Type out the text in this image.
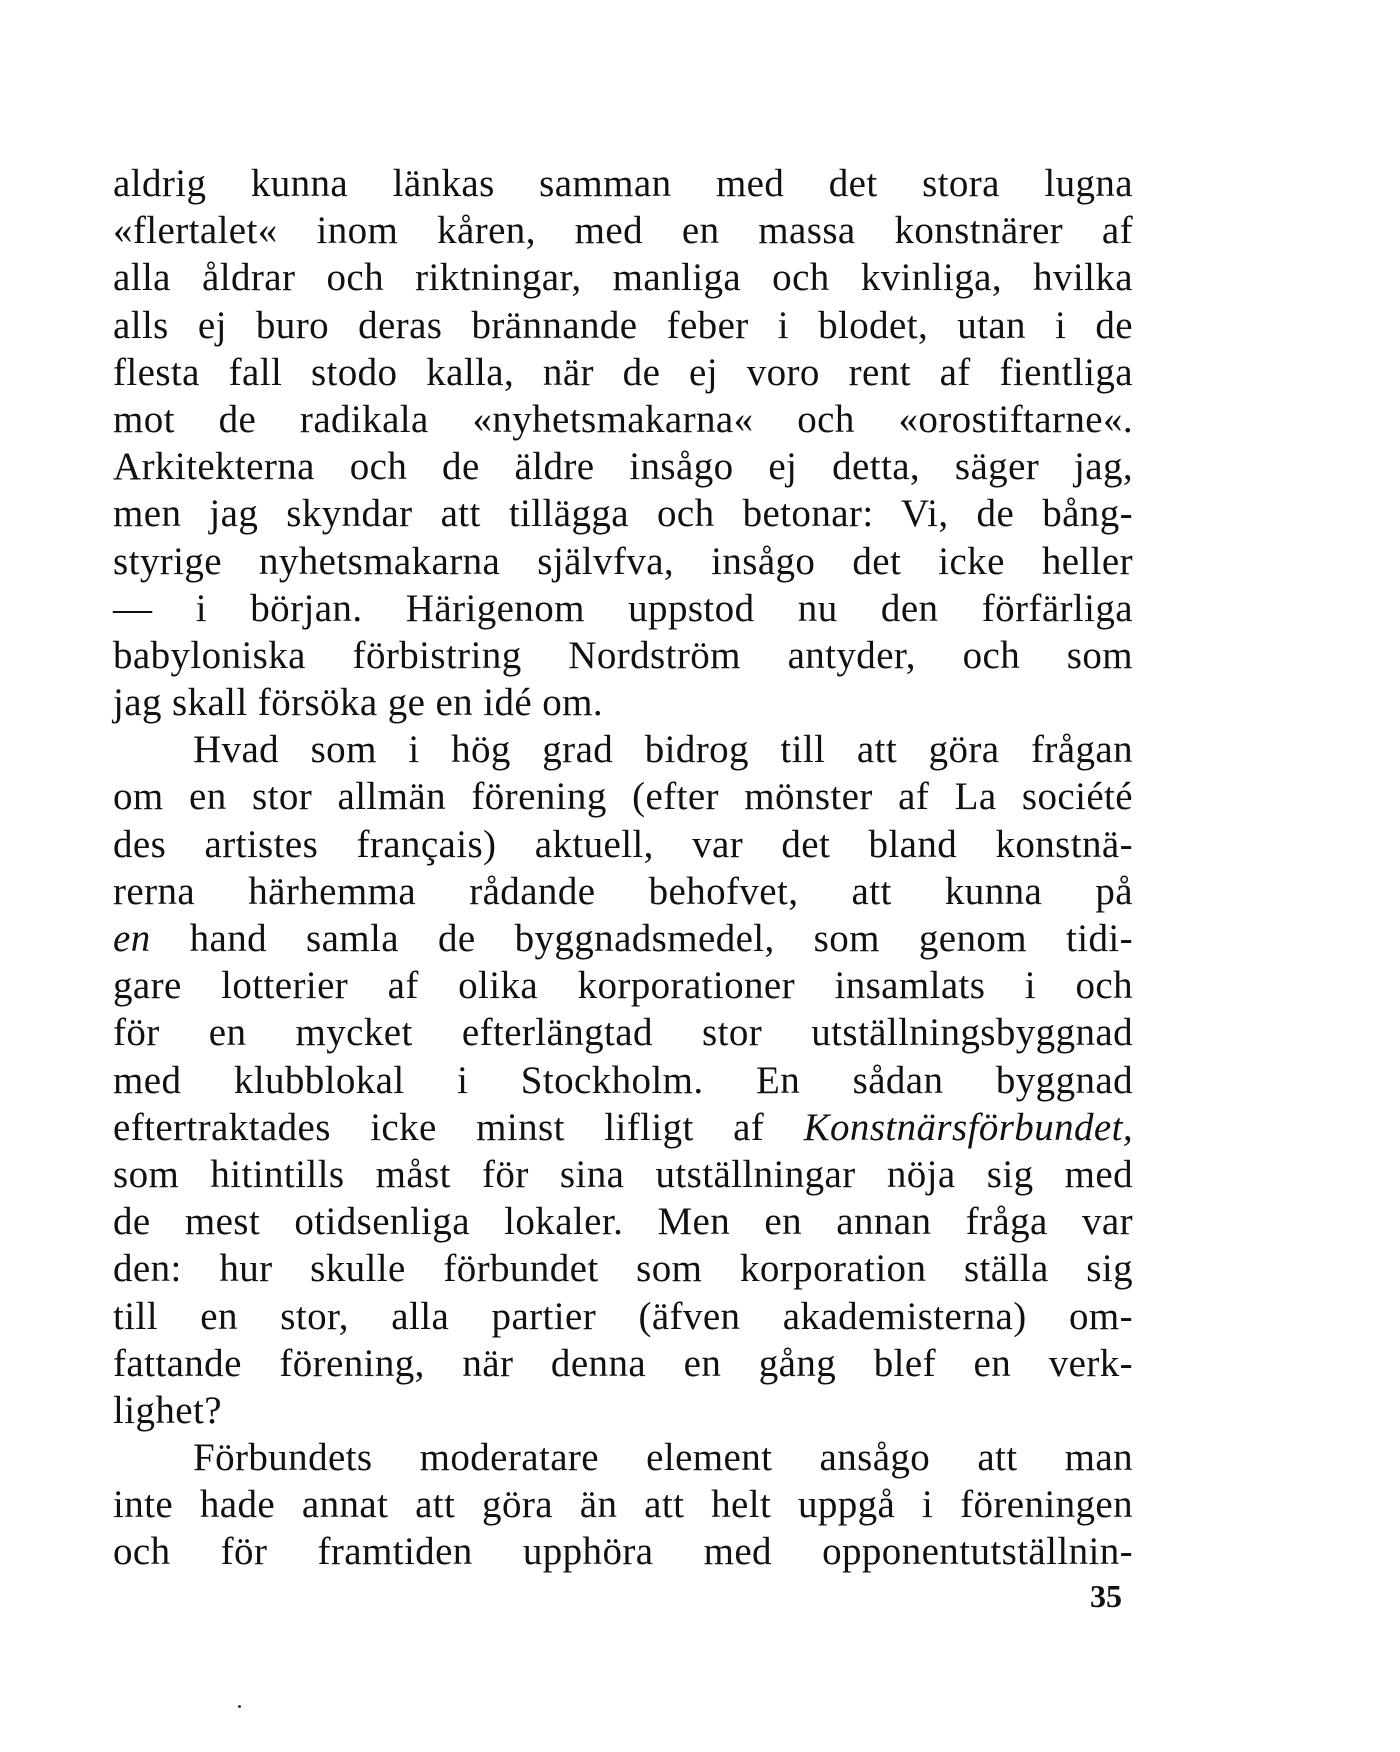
aldrig kunna länkas samman med det stora lugna
«flertalet« inom kåren, med en massa konstnärer af
alla åldrar och riktningar, manliga och kvinliga, hvilka
alls ej buro deras brännande feber i blodet, utan i de
flesta fall stodo kalla, när de ej voro rent af fientliga
mot de radikala «nyhetsmakarna« och «orostiftarne«.
Arkitekterna och de äldre insågo ej detta, säger jag,
men jag skyndar att tillägga och betonar: Vi, de bång-
styrige nyhetsmakarna självfva, insågo det icke heller
— i början. Härigenom uppstod nu den förfärliga
babyloniska förbistring Nordström antyder, och som
jag skall försöka ge en idé om.
Hvad som i hög grad bidrog till att göra frågan
om en stor allmän förening (efter mönster af La société
des artistes français) aktuell, var det bland konstnä-
rerna härhemma rådande behofvet, att kunna på
en hand samla de byggnadsmedel, som genom tidi-
gare lotterier af olika korporationer insamlats i och
för en mycket efterlängtad stor utställningsbyggnad
med klubblokal i Stockholm. En sådan byggnad
eftertraktades icke minst lifligt af Konstnärsförbundet,
som hitintills måst för sina utställningar nöja sig med
de mest otidsenliga lokaler. Men en annan fråga var
den: hur skulle förbundet som korporation ställa sig
till en stor, alla partier (äfven akademisterna) om-
fattande förening, när denna en gång blef en verk-
lighet?
Förbundets moderatare element ansågo att man
inte hade annat att göra än att helt uppgå i föreningen
och för framtiden upphöra med opponentutställnin-
35
